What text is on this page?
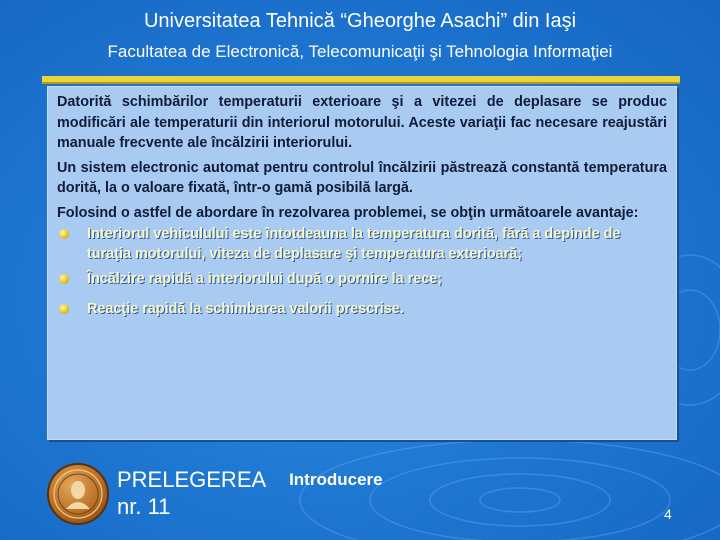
Universitatea Tehnică “Gheorghe Asachi” din Iaşi
Facultatea de Electronică, Telecomunicaţii şi Tehnologia Informaţiei

Datorită schimbărilor temperaturii exterioare şi a vitezei de deplasare se produc modificări ale temperaturii din interiorul motorului. Aceste variaţii fac necesare reajustări manuale frecvente ale încălzirii interiorului.

Un sistem electronic automat pentru controlul încălzirii păstrează constantă temperatura dorită, la o valoare fixată, într-o gamă posibilă largă.

Folosind o astfel de abordare în rezolvarea problemei, se obţin următoarele avantaje:

Interiorul vehiculului este întotdeauna la temperatura dorită, fără a depinde de turaţia motorului, viteza de deplasare şi temperatura exterioară;
Încălzire rapidă a interiorului după o pornire la rece;
Reacţie rapidă la schimbarea valorii prescrise.
PRELEGEREA Introducere
nr. 11	4
